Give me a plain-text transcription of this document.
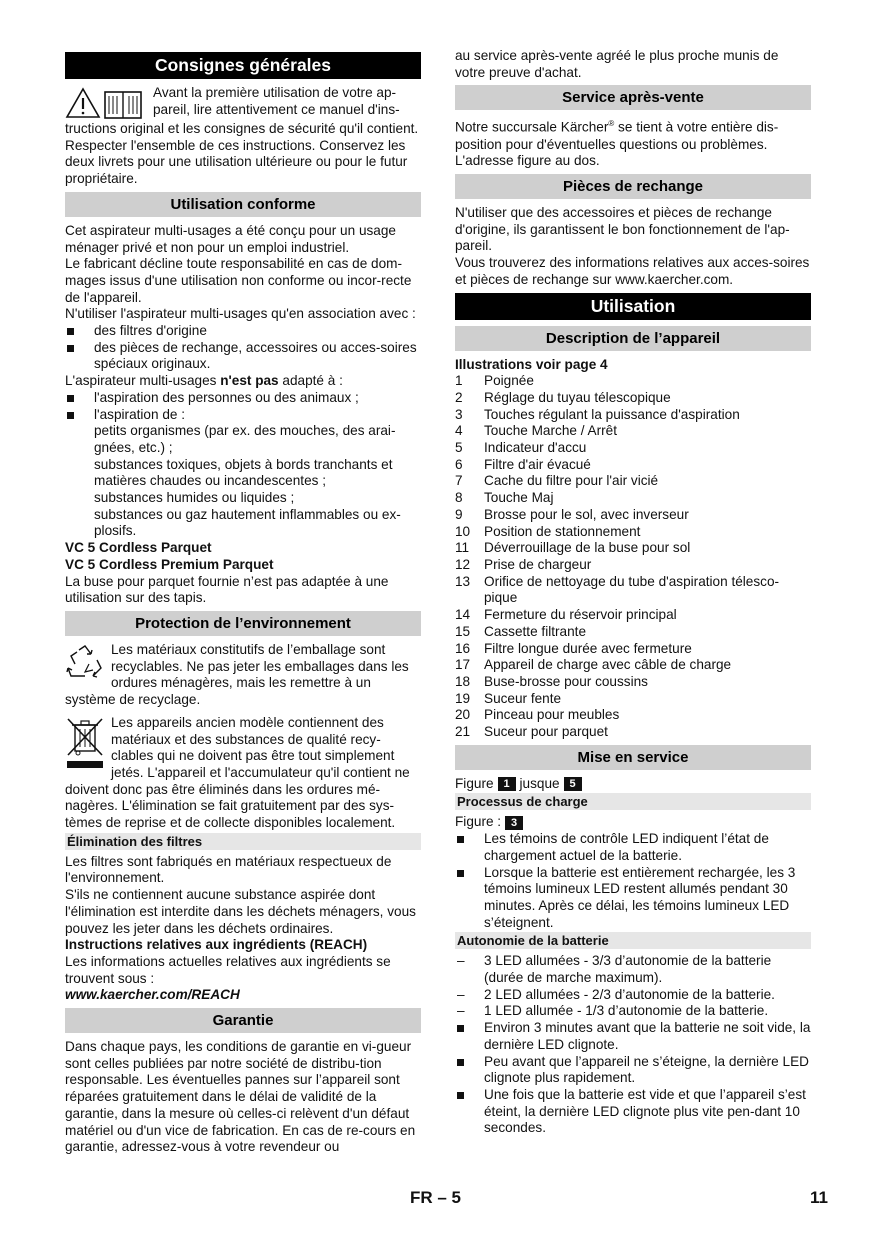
Consignes générales

Avant la première utilisation de votre ap-pareil, lire attentivement ce manuel d'ins-

tructions original et les consignes de sécurité qu'il contient. Respecter l'ensemble de ces instructions. Conservez les deux livrets pour une utilisation ultérieure ou pour le futur propriétaire.

Utilisation conforme

Cet aspirateur multi-usages a été conçu pour un usage ménager privé et non pour un emploi industriel.

Le fabricant décline toute responsabilité en cas de dom-mages issus d'une utilisation non conforme ou incor-recte de l'appareil.

N'utiliser l'aspirateur multi-usages qu'en association avec :

des filtres d'origine

des pièces de rechange, accessoires ou acces-soires spéciaux originaux.

L'aspirateur multi-usages n'est pas adapté à :

l'aspiration des personnes ou des animaux ;

l'aspiration de :

petits organismes (par ex. des mouches, des arai-gnées, etc.) ;

substances toxiques, objets à bords tranchants et matières chaudes ou incandescentes ;

substances humides ou liquides ;

substances ou gaz hautement inflammables ou ex-plosifs.

VC 5 Cordless Parquet

VC 5 Cordless Premium Parquet

La buse pour parquet fournie n’est pas adaptée à une utilisation sur des tapis.

Protection de l’environnement

Les matériaux constitutifs de l’emballage sont recyclables. Ne pas jeter les emballages dans les ordures ménagères, mais les remettre à un système de recyclage.

Les appareils ancien modèle contiennent des matériaux et des substances de qualité recy-clables qui ne doivent pas être tout simplement jetés. L'appareil et l'accumulateur qu'il contient ne doivent donc pas être éliminés dans les ordures mé-nagères. L'élimination se fait gratuitement par des sys-tèmes de reprise et de collecte disponibles localement.

Élimination des filtres

Les filtres sont fabriqués en matériaux respectueux de l'environnement.

S'ils ne contiennent aucune substance aspirée dont l'élimination est interdite dans les déchets ménagers, vous pouvez les jeter dans les déchets ordinaires.

Instructions relatives aux ingrédients (REACH)

Les informations actuelles relatives aux ingrédients se trouvent sous :

www.kaercher.com/REACH

Garantie

Dans chaque pays, les conditions de garantie en vi-gueur sont celles publiées par notre société de distribu-tion responsable. Les éventuelles pannes sur l’appareil sont réparées gratuitement dans le délai de validité de la garantie, dans la mesure où celles-ci relèvent d'un défaut matériel ou d'un vice de fabrication. En cas de re-cours en garantie, adressez-vous à votre revendeur ou

au service après-vente agréé le plus proche munis de votre preuve d'achat.

Service après-vente

Notre succursale Kärcher® se tient à votre entière dis-position pour d'éventuelles questions ou problèmes. L'adresse figure au dos.

Pièces de rechange

N'utiliser que des accessoires et pièces de rechange d'origine, ils garantissent le bon fonctionnement de l'ap-pareil.

Vous trouverez des informations relatives aux acces-soires et pièces de rechange sur www.kaercher.com.

Utilisation
Description de l’appareil

Illustrations voir page 4

1 Poignée

2 Réglage du tuyau télescopique

3 Touches régulant la puissance d'aspiration

4 Touche Marche / Arrêt

5 Indicateur d'accu

6 Filtre d'air évacué

7 Cache du filtre pour l'air vicié

8 Touche Maj

9 Brosse pour le sol, avec inverseur

10 Position de stationnement

11 Déverrouillage de la buse pour sol

12 Prise de chargeur

13 Orifice de nettoyage du tube d'aspiration télesco-pique

14 Fermeture du réservoir principal

15 Cassette filtrante

16 Filtre longue durée avec fermeture

17 Appareil de charge avec câble de charge

18 Buse-brosse pour coussins

19 Suceur fente

20 Pinceau pour meubles

21 Suceur pour parquet

Mise en service

Figure 1 jusque 5

Processus de charge

Figure : 3

Les témoins de contrôle LED indiquent l’état de chargement actuel de la batterie.

Lorsque la batterie est entièrement rechargée, les 3 témoins lumineux LED restent allumés pendant 30 minutes. Après ce délai, les témoins lumineux LED s’éteignent.

Autonomie de la batterie

– 3 LED allumées - 3/3 d’autonomie de la batterie (durée de marche maximum).

– 2 LED allumées - 2/3 d’autonomie de la batterie.

– 1 LED allumée - 1/3 d’autonomie de la batterie.

Environ 3 minutes avant que la batterie ne soit vide, la dernière LED clignote.

Peu avant que l’appareil ne s’éteigne, la dernière LED clignote plus rapidement.

Une fois que la batterie est vide et que l’appareil s’est éteint, la dernière LED clignote plus vite pen-dant 10 secondes.

FR – 5	11
